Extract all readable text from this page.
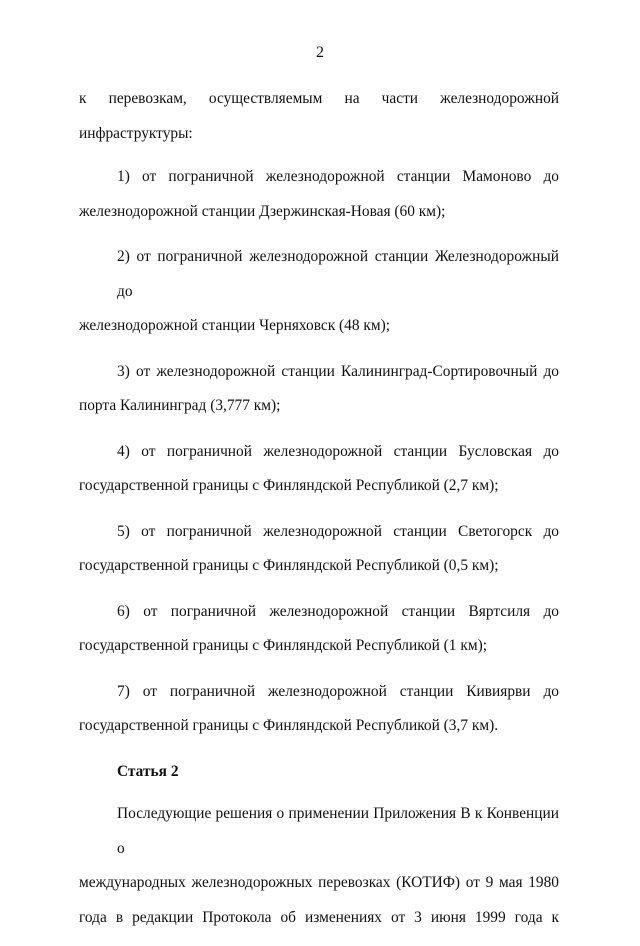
2
к перевозкам, осуществляемым на части железнодорожной
инфраструктуры:
1) от пограничной железнодорожной станции Мамоново до
железнодорожной станции Дзержинская-Новая (60 км);
2) от пограничной железнодорожной станции Железнодорожный до
железнодорожной станции Черняховск (48 км);
3) от железнодорожной станции Калининград-Сортировочный до
порта Калининград (3,777 км);
4) от пограничной железнодорожной станции Бусловская до
государственной границы с Финляндской Республикой (2,7 км);
5) от пограничной железнодорожной станции Светогорск до
государственной границы с Финляндской Республикой (0,5 км);
6) от пограничной железнодорожной станции Вяртсиля до
государственной границы с Финляндской Республикой (1 км);
7) от пограничной железнодорожной станции Кивиярви до
государственной границы с Финляндской Республикой (3,7 км).
Статья 2
Последующие решения о применении Приложения В к Конвенции о
международных железнодорожных перевозках (КОТИФ) от 9 мая 1980
года в редакции Протокола об изменениях от 3 июня 1999 года к
